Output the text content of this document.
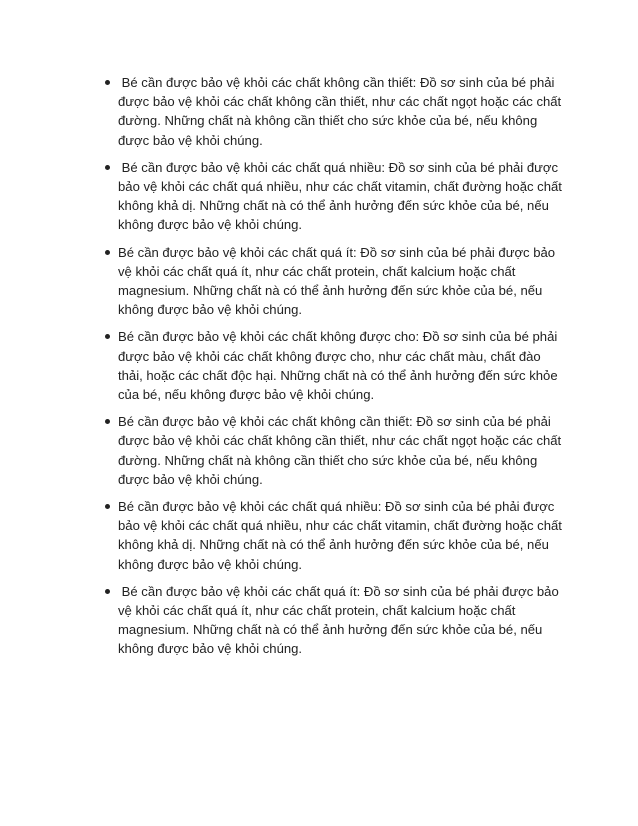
Bé cần được bảo vệ khỏi các chất không cần thiết: Đồ sơ sinh của bé phải được bảo vệ khỏi các chất không cần thiết, như các chất ngọt hoặc các chất đường. Những chất nà không cần thiết cho sức khỏe của bé, nếu không được bảo vệ khỏi chúng.
Bé cần được bảo vệ khỏi các chất quá nhiều: Đồ sơ sinh của bé phải được bảo vệ khỏi các chất quá nhiều, như các chất vitamin, chất đường hoặc chất không khả dị. Những chất nà có thể ảnh hưởng đến sức khỏe của bé, nếu không được bảo vệ khỏi chúng.
Bé cần được bảo vệ khỏi các chất quá ít: Đồ sơ sinh của bé phải được bảo vệ khỏi các chất quá ít, như các chất protein, chất kalcium hoặc chất magnesium. Những chất nà có thể ảnh hưởng đến sức khỏe của bé, nếu không được bảo vệ khỏi chúng.
Bé cần được bảo vệ khỏi các chất không được cho: Đồ sơ sinh của bé phải được bảo vệ khỏi các chất không được cho, như các chất màu, chất đào thải, hoặc các chất độc hại. Những chất nà có thể ảnh hưởng đến sức khỏe của bé, nếu không được bảo vệ khỏi chúng.
Bé cần được bảo vệ khỏi các chất không cần thiết: Đồ sơ sinh của bé phải được bảo vệ khỏi các chất không cần thiết, như các chất ngọt hoặc các chất đường. Những chất nà không cần thiết cho sức khỏe của bé, nếu không được bảo vệ khỏi chúng.
Bé cần được bảo vệ khỏi các chất quá nhiều: Đồ sơ sinh của bé phải được bảo vệ khỏi các chất quá nhiều, như các chất vitamin, chất đường hoặc chất không khả dị. Những chất nà có thể ảnh hưởng đến sức khỏe của bé, nếu không được bảo vệ khỏi chúng.
Bé cần được bảo vệ khỏi các chất quá ít: Đồ sơ sinh của bé phải được bảo vệ khỏi các chất quá ít, như các chất protein, chất kalcium hoặc chất magnesium. Những chất nà có thể ảnh hưởng đến sức khỏe của bé, nếu không được bảo vệ khỏi chúng.
